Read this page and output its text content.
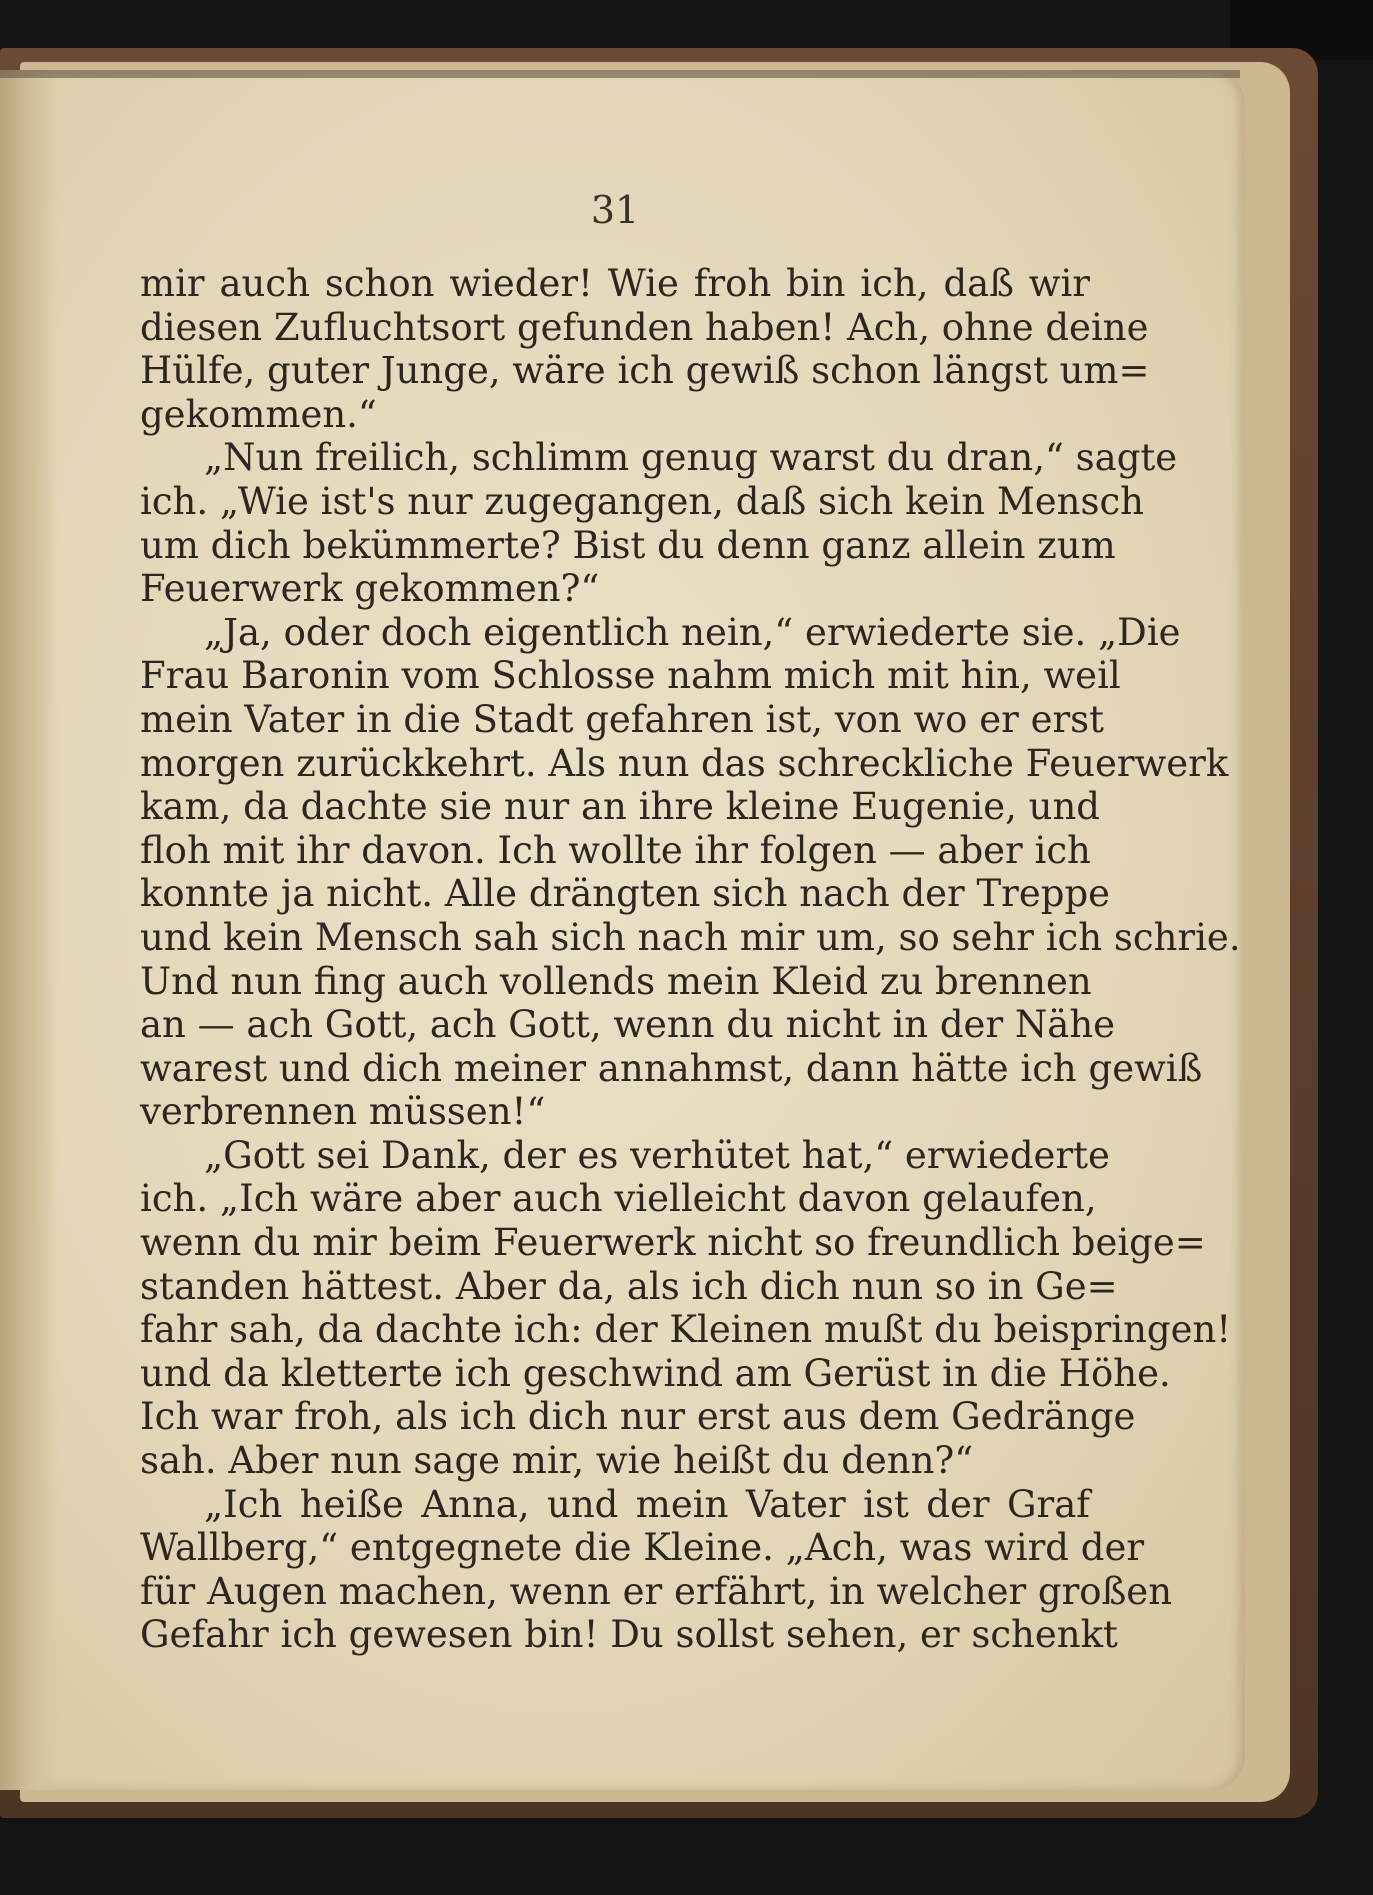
31
mir auch schon wieder! Wie froh bin ich, daß wir
diesen Zufluchtsort gefunden haben! Ach, ohne deine
Hülfe, guter Junge, wäre ich gewiß schon längst um=
gekommen.“
„Nun freilich, schlimm genug warst du dran,“ sagte
ich. „Wie ist's nur zugegangen, daß sich kein Mensch
um dich bekümmerte? Bist du denn ganz allein zum
Feuerwerk gekommen?“
„Ja, oder doch eigentlich nein,“ erwiederte sie. „Die
Frau Baronin vom Schlosse nahm mich mit hin, weil
mein Vater in die Stadt gefahren ist, von wo er erst
morgen zurückkehrt. Als nun das schreckliche Feuerwerk
kam, da dachte sie nur an ihre kleine Eugenie, und
floh mit ihr davon. Ich wollte ihr folgen — aber ich
konnte ja nicht. Alle drängten sich nach der Treppe
und kein Mensch sah sich nach mir um, so sehr ich schrie.
Und nun fing auch vollends mein Kleid zu brennen
an — ach Gott, ach Gott, wenn du nicht in der Nähe
warest und dich meiner annahmst, dann hätte ich gewiß
verbrennen müssen!“
„Gott sei Dank, der es verhütet hat,“ erwiederte
ich. „Ich wäre aber auch vielleicht davon gelaufen,
wenn du mir beim Feuerwerk nicht so freundlich beige=
standen hättest. Aber da, als ich dich nun so in Ge=
fahr sah, da dachte ich: der Kleinen mußt du beispringen!
und da kletterte ich geschwind am Gerüst in die Höhe.
Ich war froh, als ich dich nur erst aus dem Gedränge
sah. Aber nun sage mir, wie heißt du denn?“
„Ich heiße Anna, und mein Vater ist der Graf
Wallberg,“ entgegnete die Kleine. „Ach, was wird der
für Augen machen, wenn er erfährt, in welcher großen
Gefahr ich gewesen bin! Du sollst sehen, er schenkt
